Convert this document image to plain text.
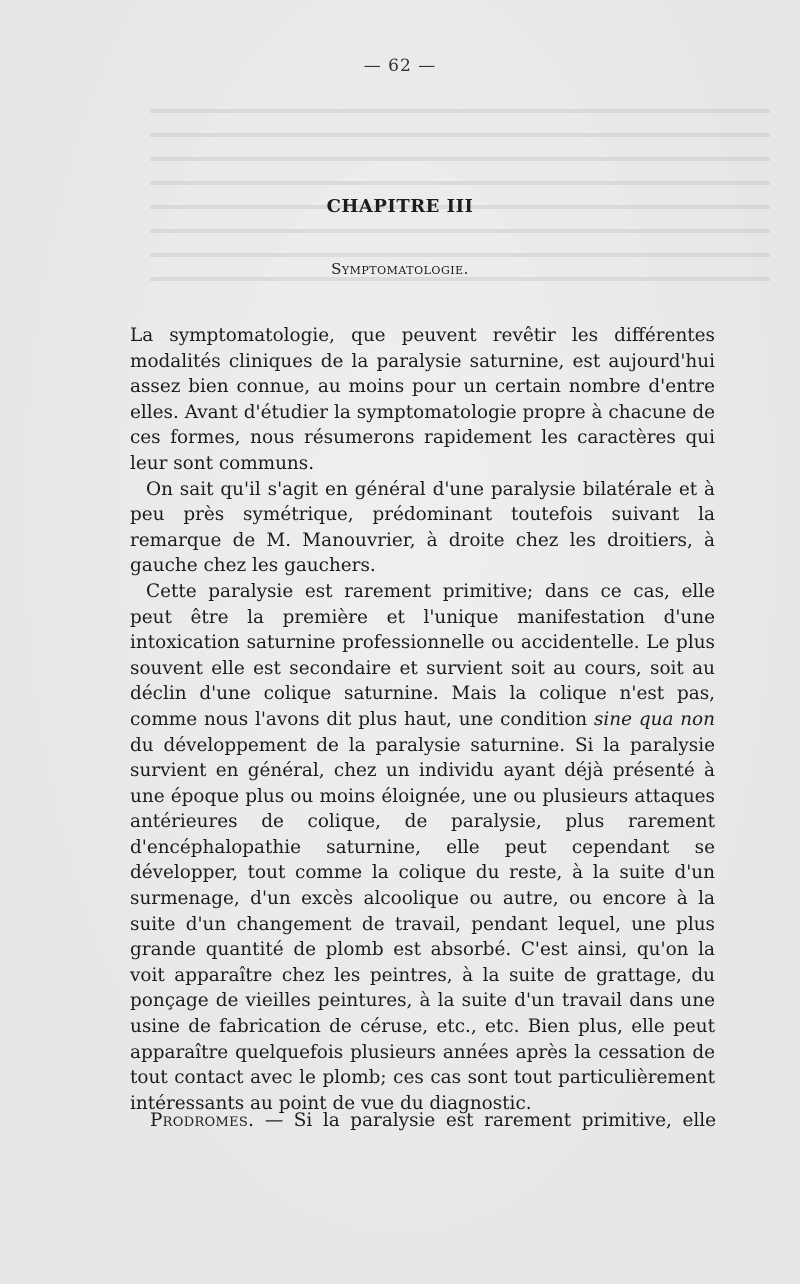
— 62 —
CHAPITRE III
Symptomatologie.

La symptomatologie, que peuvent revêtir les différentes modalités cliniques de la paralysie saturnine, est aujourd'hui assez bien connue, au moins pour un certain nombre d'entre elles. Avant d'étudier la symptomatologie propre à chacune de ces formes, nous résumerons rapidement les caractères qui leur sont communs.

On sait qu'il s'agit en général d'une paralysie bilatérale et à peu près symétrique, prédominant toutefois suivant la remarque de M. Manouvrier, à droite chez les droitiers, à gauche chez les gauchers.

Cette paralysie est rarement primitive; dans ce cas, elle peut être la première et l'unique manifestation d'une intoxication saturnine professionnelle ou accidentelle. Le plus souvent elle est secondaire et survient soit au cours, soit au déclin d'une colique saturnine. Mais la colique n'est pas, comme nous l'avons dit plus haut, une condition sine qua non du développement de la paralysie saturnine. Si la paralysie survient en général, chez un individu ayant déjà présenté à une époque plus ou moins éloignée, une ou plusieurs attaques antérieures de colique, de paralysie, plus rarement d'encéphalopathie saturnine, elle peut cependant se développer, tout comme la colique du reste, à la suite d'un surmenage, d'un excès alcoolique ou autre, ou encore à la suite d'un changement de travail, pendant lequel, une plus grande quantité de plomb est absorbé. C'est ainsi, qu'on la voit apparaître chez les peintres, à la suite de grattage, du ponçage de vieilles peintures, à la suite d'un travail dans une usine de fabrication de céruse, etc., etc. Bien plus, elle peut apparaître quelquefois plusieurs années après la cessation de tout contact avec le plomb; ces cas sont tout particulièrement intéressants au point de vue du diagnostic.

Prodromes. — Si la paralysie est rarement primitive, elle
